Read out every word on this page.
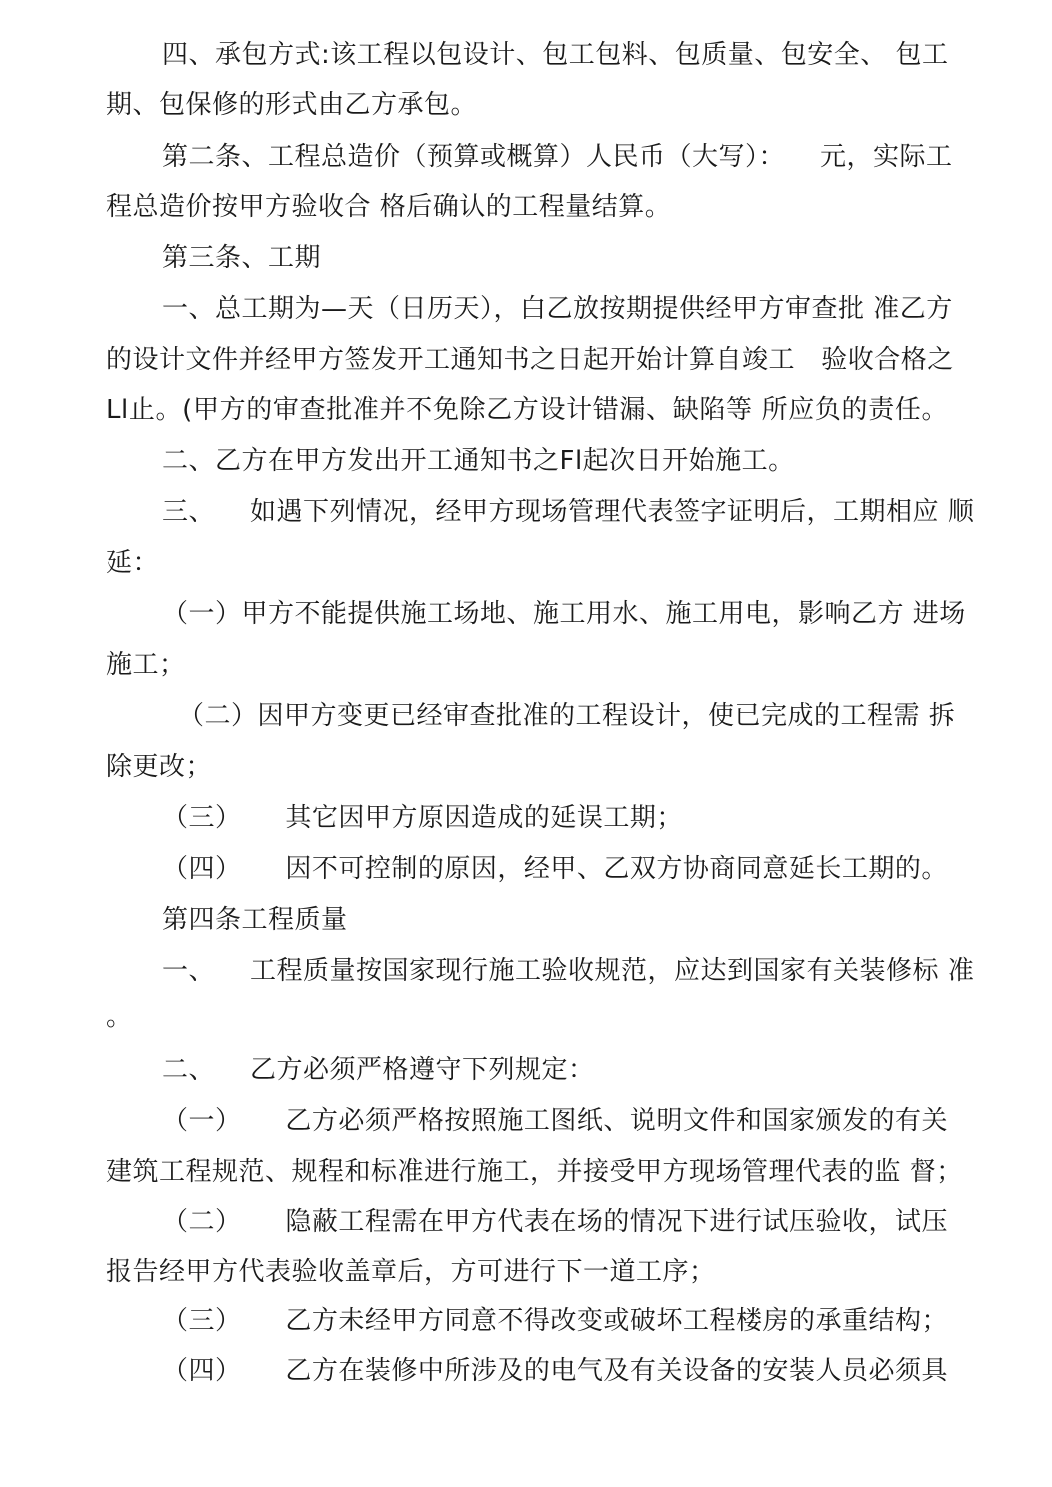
四、承包方式:该工程以包设计、包工包料、包质量、包安全、 包工
期、包保修的形式由乙方承包。
第二条、工程总造价（预算或概算）人民币（大写）：    元，实际工
程总造价按甲方验收合 格后确认的工程量结算。
第三条、工期
一、总工期为—天（日历天），白乙放按期提供经甲方审查批 准乙方
的设计文件并经甲方签发开工通知书之日起开始计算自竣工   验收合格之
Ll止。(甲方的审查批准并不免除乙方设计错漏、缺陷等 所应负的责任。
二、乙方在甲方发出开工通知书之Fl起次日开始施工。
三、    如遇下列情况，经甲方现场管理代表签字证明后，工期相应 顺
延：
（一）甲方不能提供施工场地、施工用水、施工用电，影响乙方 进场
施工；
（二）因甲方变更已经审查批准的工程设计，使已完成的工程需 拆
除更改；
（三）     其它因甲方原因造成的延误工期；
（四）     因不可控制的原因，经甲、乙双方协商同意延长工期的。
第四条工程质量
一、    工程质量按国家现行施工验收规范，应达到国家有关装修标 准
。
二、    乙方必须严格遵守下列规定：
（一）     乙方必须严格按照施工图纸、说明文件和国家颁发的有关
建筑工程规范、规程和标准进行施工，并接受甲方现场管理代表的监 督；
（二）     隐蔽工程需在甲方代表在场的情况下进行试压验收，试压
报告经甲方代表验收盖章后，方可进行下一道工序；
（三）     乙方未经甲方同意不得改变或破坏工程楼房的承重结构；
（四）     乙方在装修中所涉及的电气及有关设备的安装人员必须具
